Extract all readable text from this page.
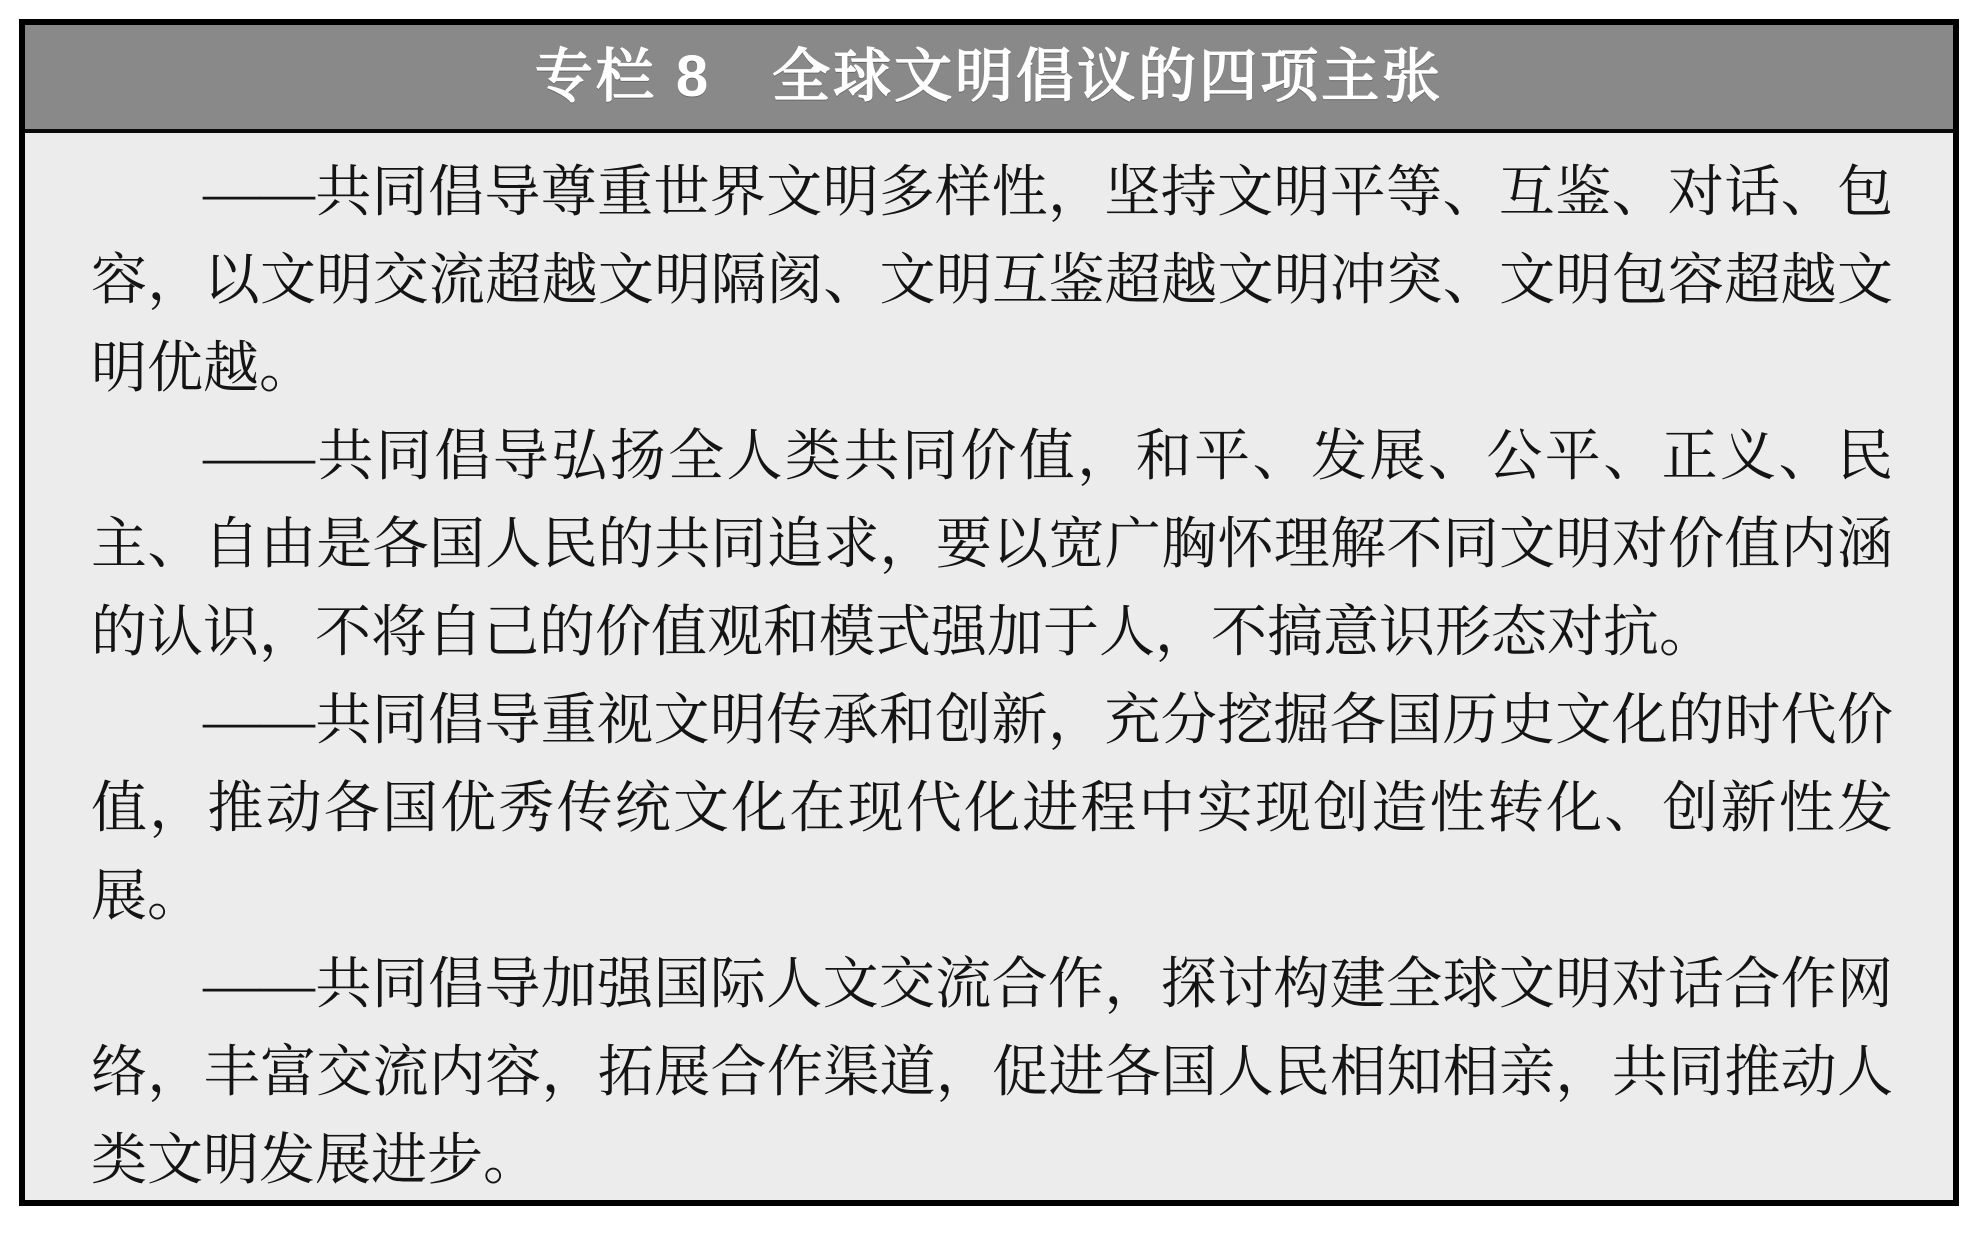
专栏 8　全球文明倡议的四项主张

——共同倡导尊重世界文明多样性，坚持文明平等、互鉴、对话、包容，以文明交流超越文明隔阂、文明互鉴超越文明冲突、文明包容超越文明优越。

——共同倡导弘扬全人类共同价值，和平、发展、公平、正义、民主、自由是各国人民的共同追求，要以宽广胸怀理解不同文明对价值内涵的认识，不将自己的价值观和模式强加于人，不搞意识形态对抗。

——共同倡导重视文明传承和创新，充分挖掘各国历史文化的时代价值，推动各国优秀传统文化在现代化进程中实现创造性转化、创新性发展。

——共同倡导加强国际人文交流合作，探讨构建全球文明对话合作网络，丰富交流内容，拓展合作渠道，促进各国人民相知相亲，共同推动人类文明发展进步。
